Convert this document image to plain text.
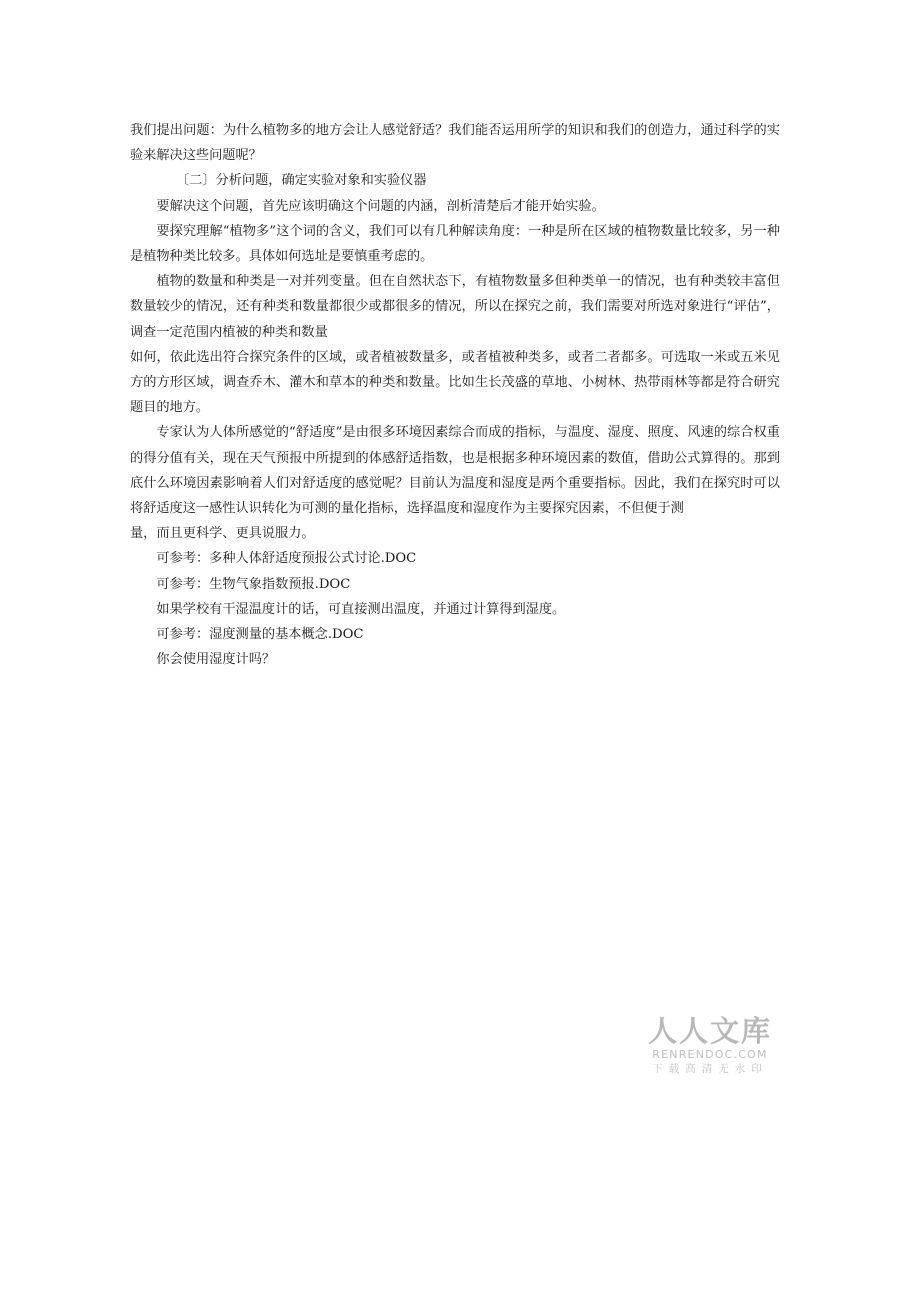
我们提出问题：为什么植物多的地方会让人感觉舒适？我们能否运用所学的知识和我们的创造力，通过科学的实验来解决这些问题呢？

〔二〕分析问题，确定实验对象和实验仪器

要解决这个问题，首先应该明确这个问题的内涵，剖析清楚后才能开始实验。

要探究理解“植物多”这个词的含义，我们可以有几种解读角度：一种是所在区域的植物数量比较多，另一种是植物种类比较多。具体如何选址是要慎重考虑的。

植物的数量和种类是一对并列变量。但在自然状态下，有植物数量多但种类单一的情况，也有种类较丰富但数量较少的情况，还有种类和数量都很少或都很多的情况，所以在探究之前，我们需要对所选对象进行“评估”，调查一定范围内植被的种类和数量

如何，依此选出符合探究条件的区域，或者植被数量多，或者植被种类多，或者二者都多。可选取一米或五米见方的方形区域，调查乔木、灌木和草本的种类和数量。比如生长茂盛的草地、小树林、热带雨林等都是符合研究题目的地方。

专家认为人体所感觉的“舒适度”是由很多环境因素综合而成的指标，与温度、湿度、照度、风速的综合权重的得分值有关，现在天气预报中所提到的体感舒适指数，也是根据多种环境因素的数值，借助公式算得的。那到底什么环境因素影响着人们对舒适度的感觉呢？目前认为温度和湿度是两个重要指标。因此，我们在探究时可以将舒适度这一感性认识转化为可测的量化指标，选择温度和湿度作为主要探究因素，不但便于测

量，而且更科学、更具说服力。

可参考：多种人体舒适度预报公式讨论.DOC

可参考：生物气象指数预报.DOC

如果学校有干湿温度计的话，可直接测出温度，并通过计算得到湿度。

可参考：湿度测量的基本概念.DOC

你会使用湿度计吗？

人人文库
RENRENDOC.COM
下载高清无水印
